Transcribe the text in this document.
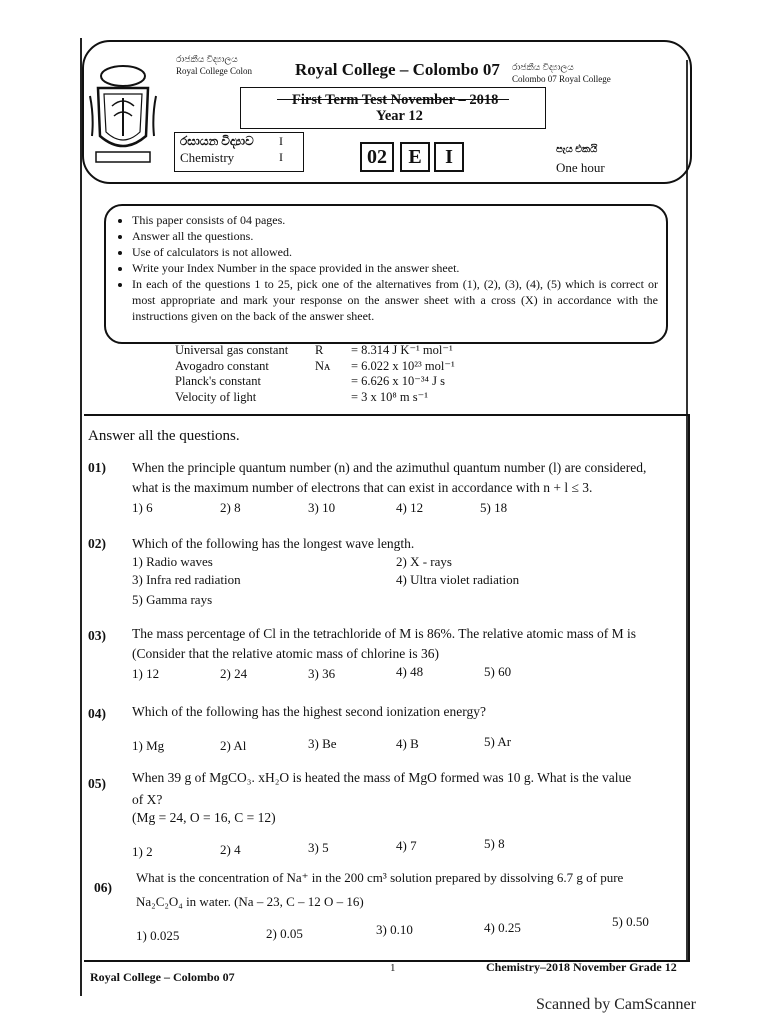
රාජකීය විද්‍යාලය
Royal College Colon	Royal College – Colombo 07 රාජකීය විද්‍යාලය
Colombo 07 Royal College
First Term Test November – 2018
Year 12
රසායන විද්‍යාව
Chemistry
I
I	02	E	I	පැය එකයි
One hour
• This paper consists of 04 pages.
• Answer all the questions.
• Use of calculators is not allowed.
• Write your Index Number in the space provided in the answer sheet.
• In each of the questions 1 to 25, pick one of the alternatives from (1), (2), (3), (4), (5) which is correct or most appropriate and mark your response on the answer sheet with a cross (X) in accordance with the instructions given on the back of the answer sheet.
Universal gas constant	R	= 8.314 J K⁻¹ mol⁻¹
Avogadro constant	Nᴀ	= 6.022 x 10²³ mol⁻¹
Planck's constant		= 6.626 x 10⁻³⁴ J s
Velocity of light		= 3 x 10⁸ m s⁻¹
Answer all the questions.
01) When the principle quantum number (n) and the azimuthul quantum number (l) are considered,
what is the maximum number of electrons that can exist in accordance with n + l ≤ 3.
1) 6	2) 8	3) 10	4) 12	5) 18
02) Which of the following has the longest wave length.
1) Radio waves	2) X - rays
3) Infra red radiation	4) Ultra violet radiation
5) Gamma rays
03) The mass percentage of Cl in the tetrachloride of M is 86%. The relative atomic mass of M is
(Consider that the relative atomic mass of chlorine is 36)
1) 12	2) 24	3) 36	4) 48	5) 60
04) Which of the following has the highest second ionization energy?
1) Mg	2) Al	3) Be	4) B	5) Ar
05) When 39 g of MgCO₃. xH₂O is heated the mass of MgO formed was 10 g. What is the value
of X?
(Mg = 24, O = 16, C = 12)
1) 2	2) 4	3) 5	4) 7	5) 8
06)
What is the concentration of Na⁺ in the 200 cm³ solution prepared by dissolving 6.7 g of pure
Na₂C₂O₄ in water. (Na – 23, C – 12 O – 16)
1) 0.025	2) 0.05	3) 0.10	4) 0.25	5) 0.50
Royal College – Colombo 07
1	Chemistry–2018 November Grade 12
Scanned by CamScanner
